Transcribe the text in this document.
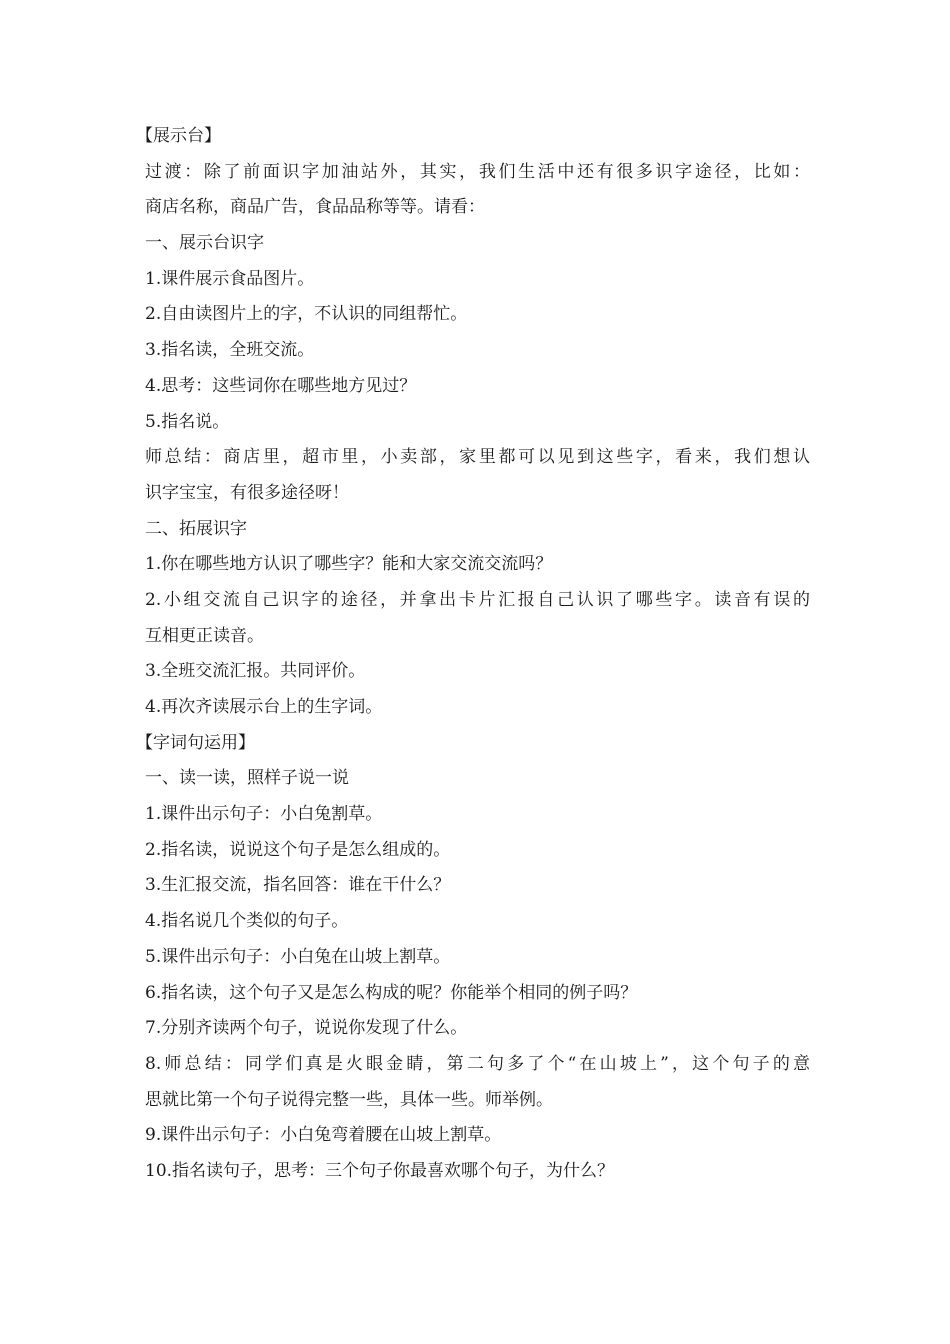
【展示台】
过渡：除了前面识字加油站外，其实，我们生活中还有很多识字途径，比如：
商店名称，商品广告，食品品称等等。请看：
一、展示台识字
1.课件展示食品图片。
2.自由读图片上的字，不认识的同组帮忙。
3.指名读，全班交流。
4.思考：这些词你在哪些地方见过？
5.指名说。
师总结：商店里，超市里，小卖部，家里都可以见到这些字，看来，我们想认
识字宝宝，有很多途径呀！
二、拓展识字
1.你在哪些地方认识了哪些字？能和大家交流交流吗？
2.小组交流自己识字的途径，并拿出卡片汇报自己认识了哪些字。读音有误的
互相更正读音。
3.全班交流汇报。共同评价。
4.再次齐读展示台上的生字词。
【字词句运用】
一、读一读，照样子说一说
1.课件出示句子：小白兔割草。
2.指名读，说说这个句子是怎么组成的。
3.生汇报交流，指名回答：谁在干什么？
4.指名说几个类似的句子。
5.课件出示句子：小白兔在山坡上割草。
6.指名读，这个句子又是怎么构成的呢？你能举个相同的例子吗？
7.分别齐读两个句子，说说你发现了什么。
8.师总结：同学们真是火眼金睛，第二句多了个“在山坡上”，这个句子的意
思就比第一个句子说得完整一些，具体一些。师举例。
9.课件出示句子：小白兔弯着腰在山坡上割草。
10.指名读句子，思考：三个句子你最喜欢哪个句子，为什么？
